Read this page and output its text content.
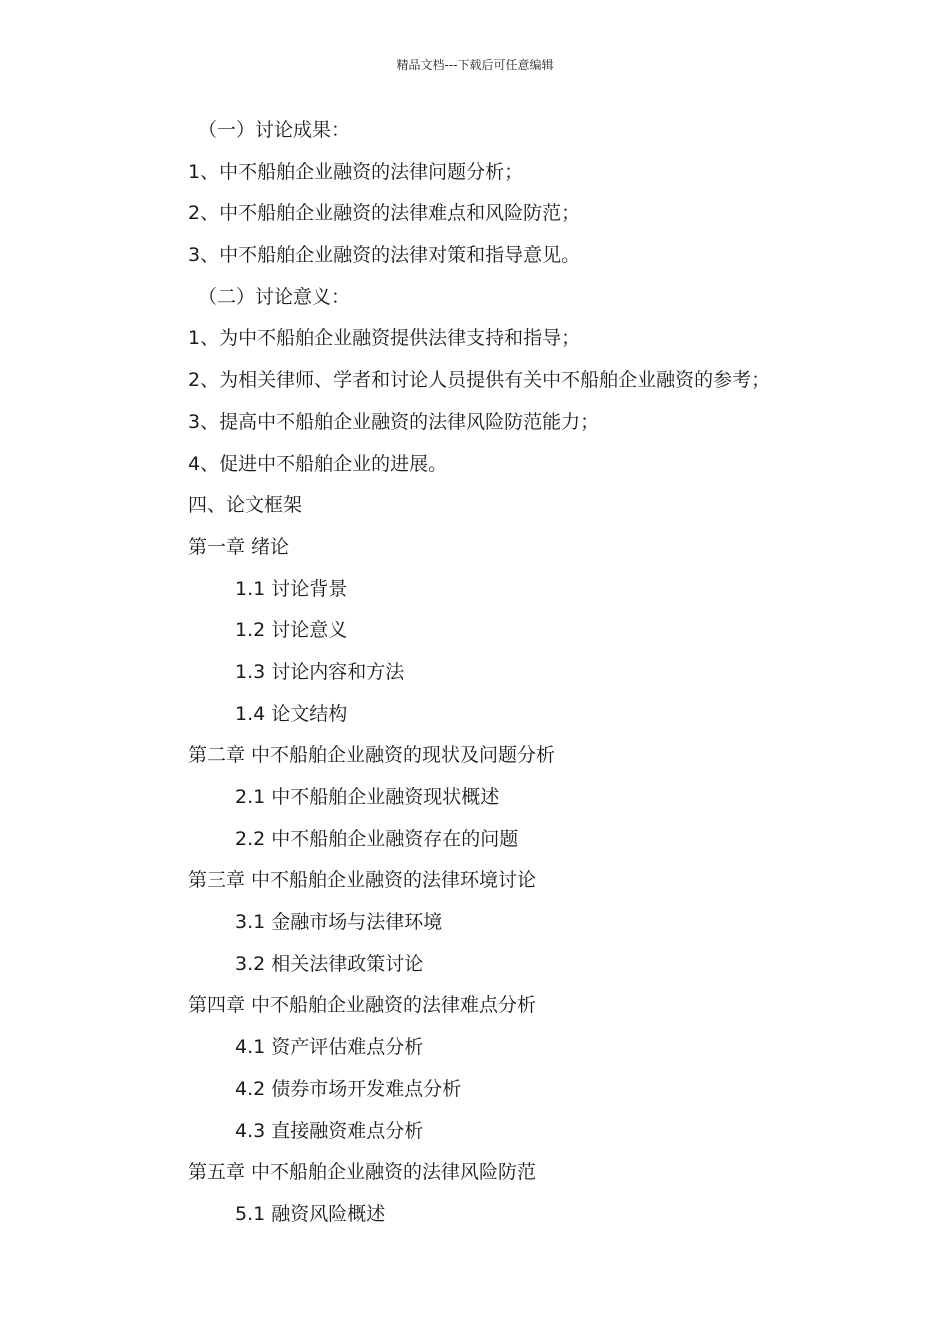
精品文档---下载后可任意编辑
（一）讨论成果：
1、中不船舶企业融资的法律问题分析；
2、中不船舶企业融资的法律难点和风险防范；
3、中不船舶企业融资的法律对策和指导意见。
（二）讨论意义：
1、为中不船舶企业融资提供法律支持和指导；
2、为相关律师、学者和讨论人员提供有关中不船舶企业融资的参考；
3、提高中不船舶企业融资的法律风险防范能力；
4、促进中不船舶企业的进展。
四、论文框架
第一章 绪论
1.1 讨论背景
1.2 讨论意义
1.3 讨论内容和方法
1.4 论文结构
第二章 中不船舶企业融资的现状及问题分析
2.1 中不船舶企业融资现状概述
2.2 中不船舶企业融资存在的问题
第三章 中不船舶企业融资的法律环境讨论
3.1 金融市场与法律环境
3.2 相关法律政策讨论
第四章 中不船舶企业融资的法律难点分析
4.1 资产评估难点分析
4.2 债券市场开发难点分析
4.3 直接融资难点分析
第五章 中不船舶企业融资的法律风险防范
5.1 融资风险概述
